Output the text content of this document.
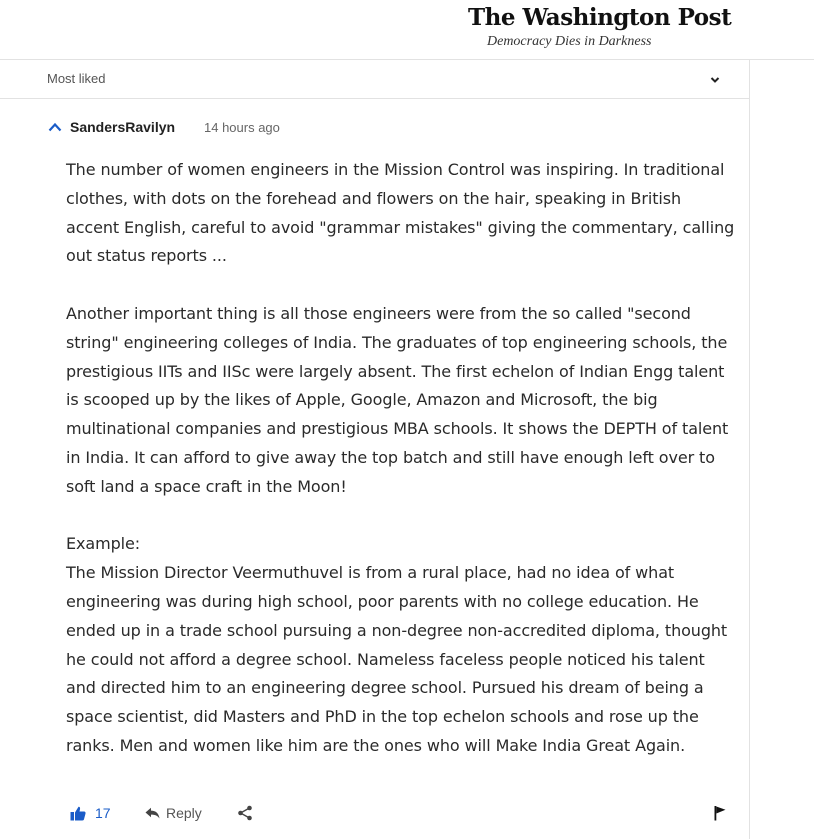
The Washington Post
Democracy Dies in Darkness
Most liked
SandersRavilyn 14 hours ago

The number of women engineers in the Mission Control was inspiring. In traditional clothes, with dots on the forehead and flowers on the hair, speaking in British accent English, careful to avoid "grammar mistakes" giving the commentary, calling out status reports ...

Another important thing is all those engineers were from the so called "second string" engineering colleges of India. The graduates of top engineering schools, the prestigious IITs and IISc were largely absent. The first echelon of Indian Engg talent is scooped up by the likes of Apple, Google, Amazon and Microsoft, the big multinational companies and prestigious MBA schools. It shows the DEPTH of talent in India. It can afford to give away the top batch and still have enough left over to soft land a space craft in the Moon!

Example:

The Mission Director Veermuthuvel is from a rural place, had no idea of what engineering was during high school, poor parents with no college education. He ended up in a trade school pursuing a non-degree non-accredited diploma, thought he could not afford a degree school. Nameless faceless people noticed his talent and directed him to an engineering degree school. Pursued his dream of being a space scientist, did Masters and PhD in the top echelon schools and rose up the ranks. Men and women like him are the ones who will Make India Great Again.

17	Reply
